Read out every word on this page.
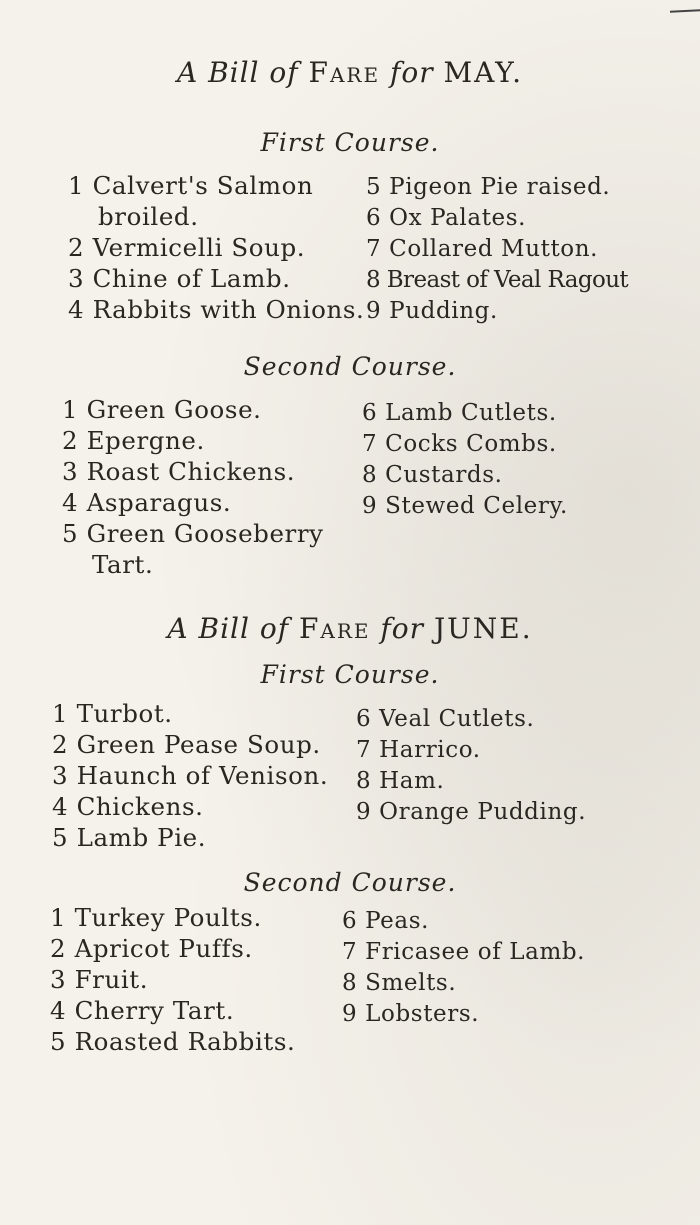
A Bill of Fare for MAY.
First Course.
1 Calvert's Salmon
broiled.
2 Vermicelli Soup.
3 Chine of Lamb.
4 Rabbits with Onions.
5 Pigeon Pie raised.
6 Ox Palates.
7 Collared Mutton.
8 Breast of Veal Ragout
9 Pudding.
Second Course.
1 Green Goose.
2 Epergne.
3 Roast Chickens.
4 Asparagus.
5 Green Gooseberry
Tart.
6 Lamb Cutlets.
7 Cocks Combs.
8 Custards.
9 Stewed Celery.
A Bill of Fare for JUNE.
First Course.
1 Turbot.
2 Green Pease Soup.
3 Haunch of Venison.
4 Chickens.
5 Lamb Pie.
6 Veal Cutlets.
7 Harrico.
8 Ham.
9 Orange Pudding.
Second Course.
1 Turkey Poults.
2 Apricot Puffs.
3 Fruit.
4 Cherry Tart.
5 Roasted Rabbits.
6 Peas.
7 Fricasee of Lamb.
8 Smelts.
9 Lobsters.
